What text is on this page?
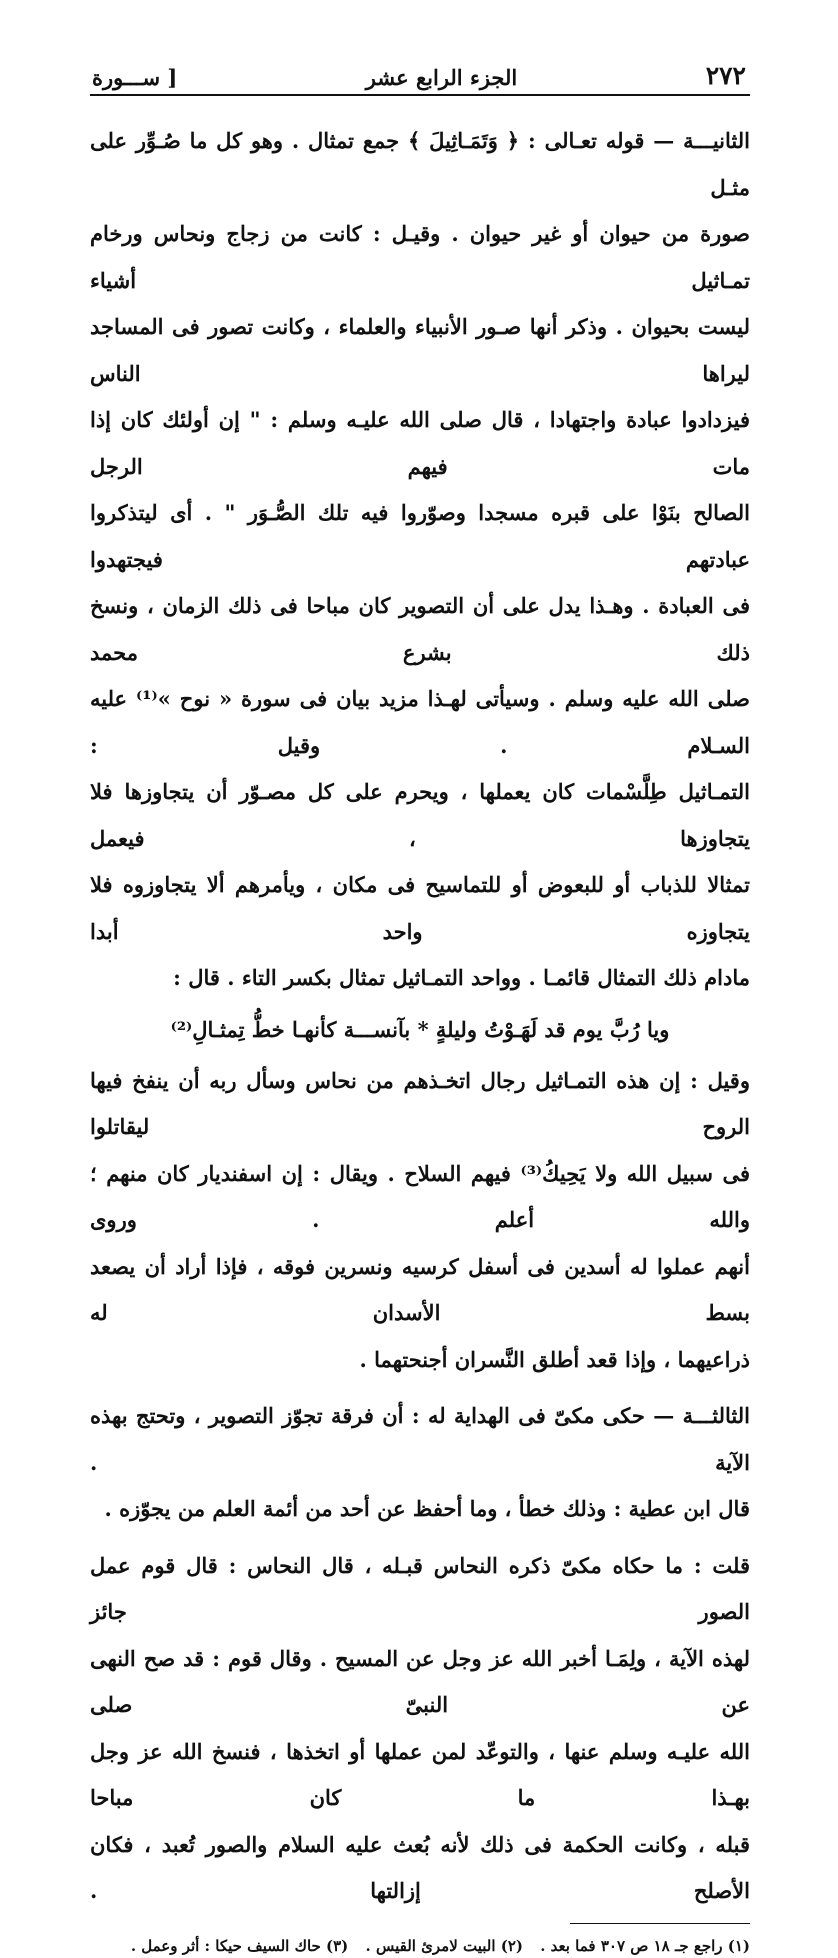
٢٧٢
الجزء الرابع عشر
[ ســـورة

الثانيـــة — قوله تعـالى : ﴿ وَتَمَـاثِيلَ ﴾ جمع تمثال . وهو كل ما صُـوِّر على مثـل

صورة من حيوان أو غير حيوان . وقيـل : كانت من زجاج ونحاس ورخام تمـاثيل أشياء

ليست بحيوان . وذكر أنها صـور الأنبياء والعلماء ، وكانت تصور فى المساجد ليراها الناس

فيزدادوا عبادة واجتهادا ، قال صلى الله عليـه وسلم : " إن أولئك كان إذا مات فيهم الرجل

الصالح بنَوْا على قبره مسجدا وصوّروا فيه تلك الصُّـوَر " . أى ليتذكروا عبادتهم فيجتهدوا

فى العبادة . وهـذا يدل على أن التصوير كان مباحا فى ذلك الزمان ، ونسخ ذلك بشرع محمد

صلى الله عليه وسلم . وسيأتى لهـذا مزيد بيان فى سورة « نوح »⁽¹⁾ عليه السـلام . وقيل :

التمـاثيل طِلَّسْمات كان يعملها ، ويحرم على كل مصـوّر أن يتجاوزها فلا يتجاوزها ، فيعمل

تمثالا للذباب أو للبعوض أو للتماسيح فى مكان ، ويأمرهم ألا يتجاوزوه فلا يتجاوزه واحد أبدا

مادام ذلك التمثال قائمـا . وواحد التمـاثيل تمثال بكسر التاء . قال :

ويا رُبَّ يوم قد لَهَـوْتُ وليلةٍ * بآنســـة كأنهـا خطُّ تِمثـالِ⁽²⁾

وقيل : إن هذه التمـاثيل رجال اتخـذهم من نحاس وسأل ربه أن ينفخ فيها الروح ليقاتلوا

فى سبيل الله ولا يَحِيكُ⁽³⁾ فيهم السلاح . ويقال : إن اسفنديار كان منهم ؛ والله أعلم . وروى

أنهم عملوا له أسدين فى أسفل كرسيه ونسرين فوقه ، فإذا أراد أن يصعد بسط الأسدان له

ذراعيهما ، وإذا قعد أطلق النَّسران أجنحتهما .

الثالثـــة — حكى مكىّ فى الهداية له : أن فرقة تجوّز التصوير ، وتحتج بهذه الآية .

قال ابن عطية : وذلك خطأ ، وما أحفظ عن أحد من أئمة العلم من يجوّزه .

قلت : ما حكاه مكىّ ذكره النحاس قبـله ، قال النحاس : قال قوم عمل الصور جائز

لهذه الآية ، ولِمَـا أخبر الله عز وجل عن المسيح . وقال قوم : قد صح النهى عن النبىّ صلى

الله عليـه وسلم عنها ، والتوعّد لمن عملها أو اتخذها ، فنسخ الله عز وجل بهـذا ما كان مباحا

قبله ، وكانت الحكمة فى ذلك لأنه بُعث عليه السلام والصور تُعبد ، فكان الأصلح إزالتها .

(١) راجع جـ ١٨ ص ٣٠٧ فما بعد . (٢) البيت لامرئ القيس . (٣) حاك السيف حيكا : أثر وعمل .
